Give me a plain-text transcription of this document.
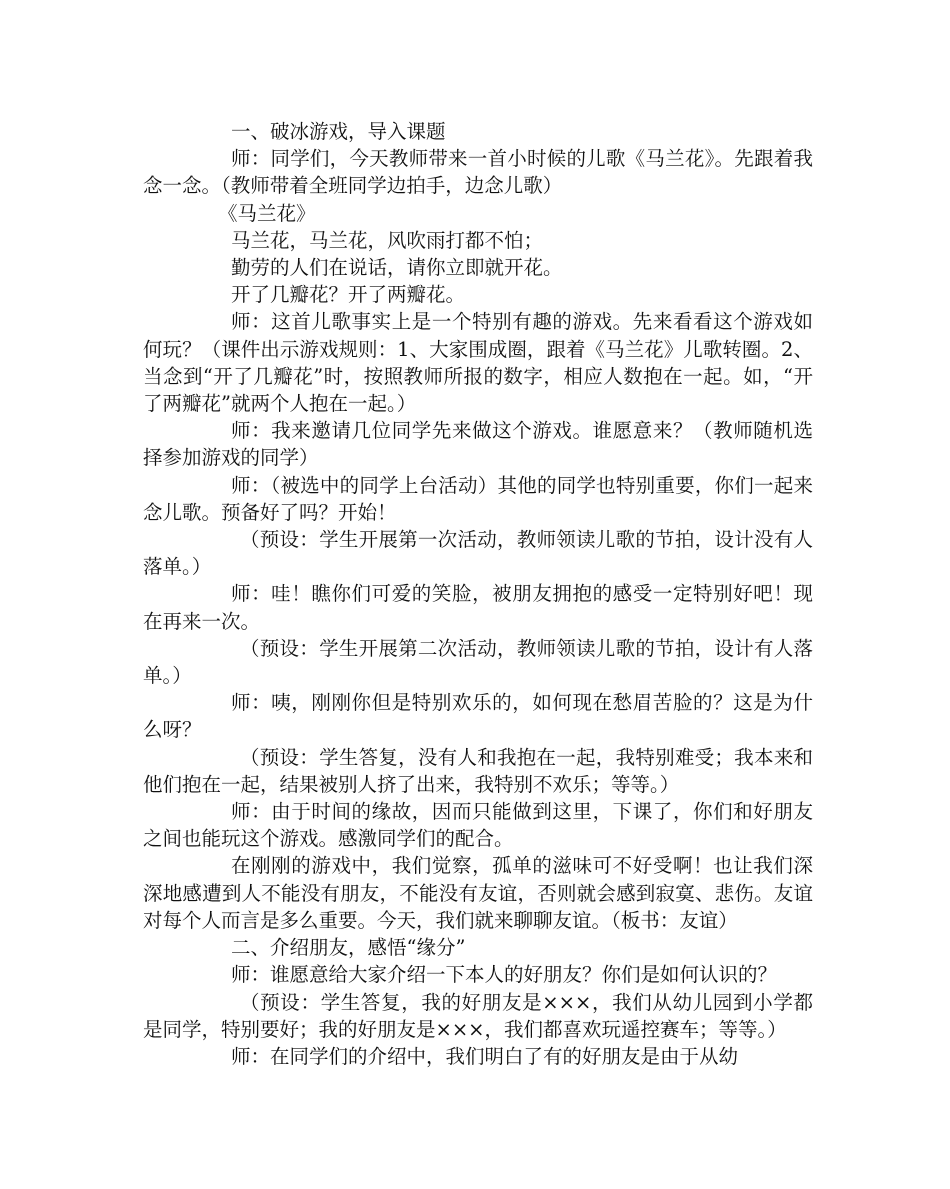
一、破冰游戏，导入课题

师：同学们，今天教师带来一首小时候的儿歌《马兰花》。先跟着我念一念。（教师带着全班同学边拍手，边念儿歌）

《马兰花》

马兰花，马兰花，风吹雨打都不怕；

勤劳的人们在说话，请你立即就开花。

开了几瓣花？开了两瓣花。

师：这首儿歌事实上是一个特别有趣的游戏。先来看看这个游戏如何玩？（课件出示游戏规则：1、大家围成圈，跟着《马兰花》儿歌转圈。2、当念到“开了几瓣花”时，按照教师所报的数字，相应人数抱在一起。如，“开了两瓣花”就两个人抱在一起。）

师：我来邀请几位同学先来做这个游戏。谁愿意来？（教师随机选择参加游戏的同学）

师：（被选中的同学上台活动）其他的同学也特别重要，你们一起来念儿歌。预备好了吗？开始！

（预设：学生开展第一次活动，教师领读儿歌的节拍，设计没有人落单。）

师：哇！瞧你们可爱的笑脸，被朋友拥抱的感受一定特别好吧！现在再来一次。

（预设：学生开展第二次活动，教师领读儿歌的节拍，设计有人落单。）

师：咦，刚刚你但是特别欢乐的，如何现在愁眉苦脸的？这是为什么呀？

（预设：学生答复，没有人和我抱在一起，我特别难受；我本来和他们抱在一起，结果被别人挤了出来，我特别不欢乐；等等。）

师：由于时间的缘故，因而只能做到这里，下课了，你们和好朋友之间也能玩这个游戏。感激同学们的配合。

在刚刚的游戏中，我们觉察，孤单的滋味可不好受啊！也让我们深深地感遭到人不能没有朋友，不能没有友谊，否则就会感到寂寞、悲伤。友谊对每个人而言是多么重要。今天，我们就来聊聊友谊。（板书：友谊）

二、介绍朋友，感悟“缘分”

师：谁愿意给大家介绍一下本人的好朋友？你们是如何认识的？

（预设：学生答复，我的好朋友是×××，我们从幼儿园到小学都是同学，特别要好；我的好朋友是×××，我们都喜欢玩遥控赛车；等等。）

师：在同学们的介绍中，我们明白了有的好朋友是由于从幼
